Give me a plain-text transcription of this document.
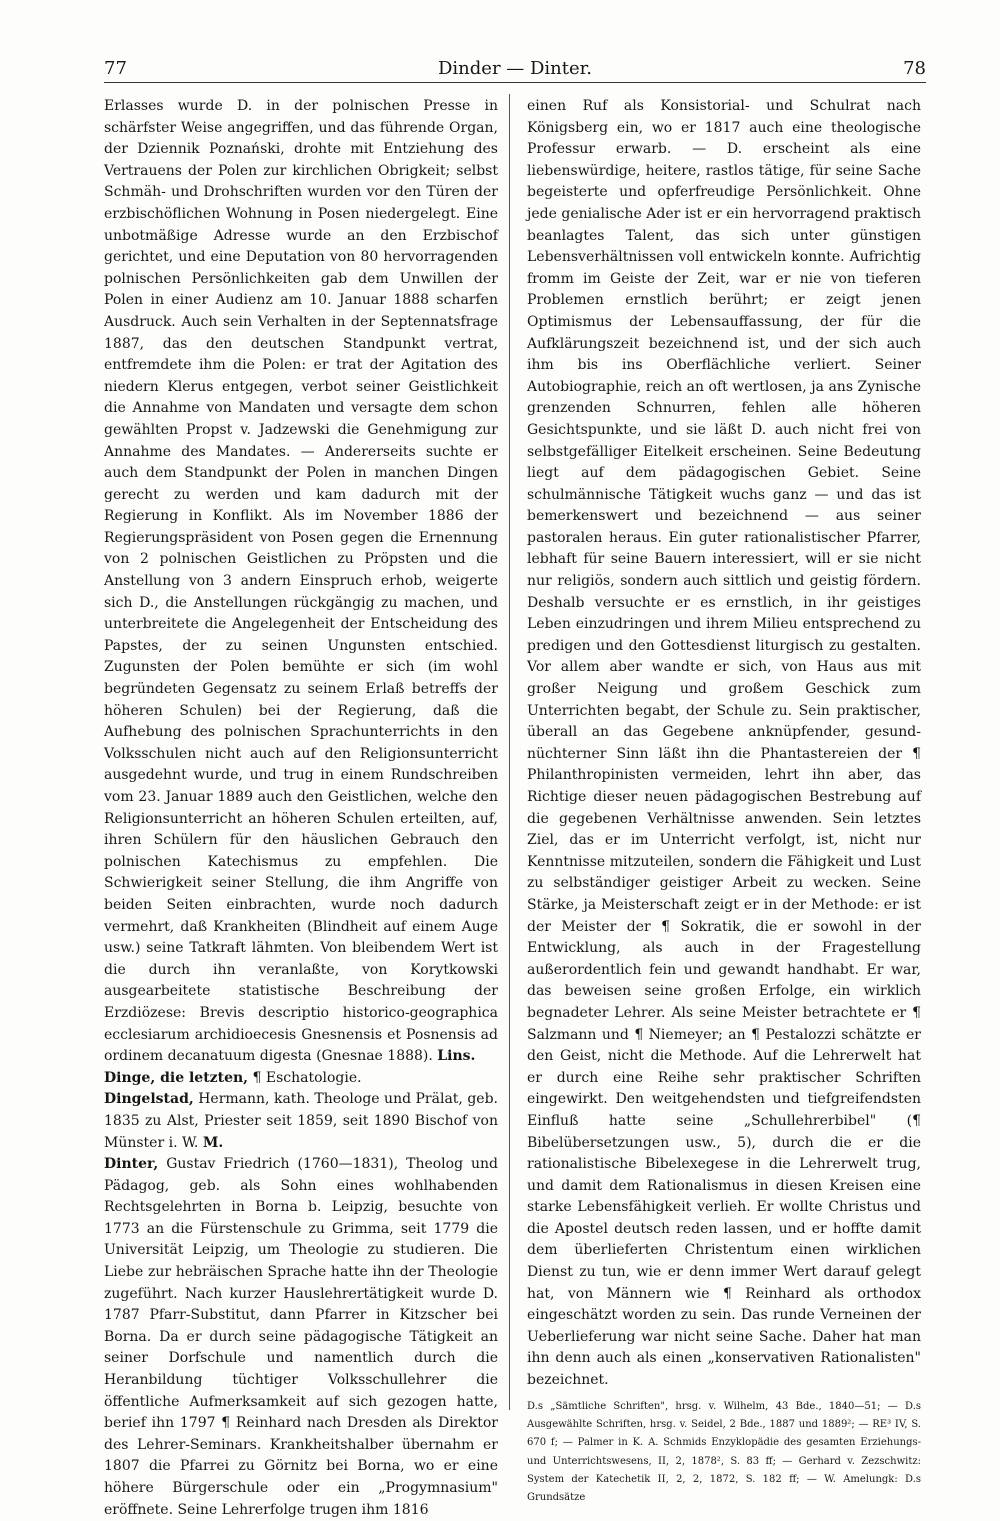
77	Dinder — Dinter.	78

Erlasses wurde D. in der polnischen Presse in schärfster Weise angegriffen, und das führende Organ, der Dziennik Poznański, drohte mit Entziehung des Vertrauens der Polen zur kirchlichen Obrigkeit; selbst Schmäh- und Drohschriften wurden vor den Türen der erzbischöflichen Wohnung in Posen niedergelegt. Eine unbotmäßige Adresse wurde an den Erzbischof gerichtet, und eine Deputation von 80 hervorragenden polnischen Persönlichkeiten gab dem Unwillen der Polen in einer Audienz am 10. Januar 1888 scharfen Ausdruck. Auch sein Verhalten in der Septennatsfrage 1887, das den deutschen Standpunkt vertrat, entfremdete ihm die Polen: er trat der Agitation des niedern Klerus entgegen, verbot seiner Geistlichkeit die Annahme von Mandaten und versagte dem schon gewählten Propst v. Jadzewski die Genehmigung zur Annahme des Mandates. — Andererseits suchte er auch dem Standpunkt der Polen in manchen Dingen gerecht zu werden und kam dadurch mit der Regierung in Konflikt. Als im November 1886 der Regierungspräsident von Posen gegen die Ernennung von 2 polnischen Geistlichen zu Pröpsten und die Anstellung von 3 andern Einspruch erhob, weigerte sich D., die Anstellungen rückgängig zu machen, und unterbreitete die Angelegenheit der Entscheidung des Papstes, der zu seinen Ungunsten entschied. Zugunsten der Polen bemühte er sich (im wohl begründeten Gegensatz zu seinem Erlaß betreffs der höheren Schulen) bei der Regierung, daß die Aufhebung des polnischen Sprachunterrichts in den Volksschulen nicht auch auf den Religionsunterricht ausgedehnt wurde, und trug in einem Rundschreiben vom 23. Januar 1889 auch den Geistlichen, welche den Religionsunterricht an höheren Schulen erteilten, auf, ihren Schülern für den häuslichen Gebrauch den polnischen Katechismus zu empfehlen. Die Schwierigkeit seiner Stellung, die ihm Angriffe von beiden Seiten einbrachten, wurde noch dadurch vermehrt, daß Krankheiten (Blindheit auf einem Auge usw.) seine Tatkraft lähmten. Von bleibendem Wert ist die durch ihn veranlaßte, von Korytkowski ausgearbeitete statistische Beschreibung der Erzdiözese: Brevis descriptio historico-geographica ecclesiarum archidioecesis Gnesnensis et Posnensis ad ordinem decanatuum digesta (Gnesnae 1888). Lins.

Dinge, die letzten, ¶ Eschatologie.

Dingelstad, Hermann, kath. Theologe und Prälat, geb. 1835 zu Alst, Priester seit 1859, seit 1890 Bischof von Münster i. W. M.

Dinter, Gustav Friedrich (1760—1831), Theolog und Pädagog, geb. als Sohn eines wohlhabenden Rechtsgelehrten in Borna b. Leipzig, besuchte von 1773 an die Fürstenschule zu Grimma, seit 1779 die Universität Leipzig, um Theologie zu studieren. Die Liebe zur hebräischen Sprache hatte ihn der Theologie zugeführt. Nach kurzer Hauslehrertätigkeit wurde D. 1787 Pfarr-Substitut, dann Pfarrer in Kitzscher bei Borna. Da er durch seine pädagogische Tätigkeit an seiner Dorfschule und namentlich durch die Heranbildung tüchtiger Volksschullehrer die öffentliche Aufmerksamkeit auf sich gezogen hatte, berief ihn 1797 ¶ Reinhard nach Dresden als Direktor des Lehrer-Seminars. Krankheitshalber übernahm er 1807 die Pfarrei zu Görnitz bei Borna, wo er eine höhere Bürgerschule oder ein „Progymnasium" eröffnete. Seine Lehrerfolge trugen ihm 1816

einen Ruf als Konsistorial- und Schulrat nach Königsberg ein, wo er 1817 auch eine theologische Professur erwarb. — D. erscheint als eine liebenswürdige, heitere, rastlos tätige, für seine Sache begeisterte und opferfreudige Persönlichkeit. Ohne jede genialische Ader ist er ein hervorragend praktisch beanlagtes Talent, das sich unter günstigen Lebensverhältnissen voll entwickeln konnte. Aufrichtig fromm im Geiste der Zeit, war er nie von tieferen Problemen ernstlich berührt; er zeigt jenen Optimismus der Lebensauffassung, der für die Aufklärungszeit bezeichnend ist, und der sich auch ihm bis ins Oberflächliche verliert. Seiner Autobiographie, reich an oft wertlosen, ja ans Zynische grenzenden Schnurren, fehlen alle höheren Gesichtspunkte, und sie läßt D. auch nicht frei von selbstgefälliger Eitelkeit erscheinen. Seine Bedeutung liegt auf dem pädagogischen Gebiet. Seine schulmännische Tätigkeit wuchs ganz — und das ist bemerkenswert und bezeichnend — aus seiner pastoralen heraus. Ein guter rationalistischer Pfarrer, lebhaft für seine Bauern interessiert, will er sie nicht nur religiös, sondern auch sittlich und geistig fördern. Deshalb versuchte er es ernstlich, in ihr geistiges Leben einzudringen und ihrem Milieu entsprechend zu predigen und den Gottesdienst liturgisch zu gestalten. Vor allem aber wandte er sich, von Haus aus mit großer Neigung und großem Geschick zum Unterrichten begabt, der Schule zu. Sein praktischer, überall an das Gegebene anknüpfender, gesund-nüchterner Sinn läßt ihn die Phantastereien der ¶ Philanthropinisten vermeiden, lehrt ihn aber, das Richtige dieser neuen pädagogischen Bestrebung auf die gegebenen Verhältnisse anwenden. Sein letztes Ziel, das er im Unterricht verfolgt, ist, nicht nur Kenntnisse mitzuteilen, sondern die Fähigkeit und Lust zu selbständiger geistiger Arbeit zu wecken. Seine Stärke, ja Meisterschaft zeigt er in der Methode: er ist der Meister der ¶ Sokratik, die er sowohl in der Entwicklung, als auch in der Fragestellung außerordentlich fein und gewandt handhabt. Er war, das beweisen seine großen Erfolge, ein wirklich begnadeter Lehrer. Als seine Meister betrachtete er ¶ Salzmann und ¶ Niemeyer; an ¶ Pestalozzi schätzte er den Geist, nicht die Methode. Auf die Lehrerwelt hat er durch eine Reihe sehr praktischer Schriften eingewirkt. Den weitgehendsten und tiefgreifendsten Einfluß hatte seine „Schullehrerbibel" (¶ Bibelübersetzungen usw., 5), durch die er die rationalistische Bibelexegese in die Lehrerwelt trug, und damit dem Rationalismus in diesen Kreisen eine starke Lebensfähigkeit verlieh. Er wollte Christus und die Apostel deutsch reden lassen, und er hoffte damit dem überlieferten Christentum einen wirklichen Dienst zu tun, wie er denn immer Wert darauf gelegt hat, von Männern wie ¶ Reinhard als orthodox eingeschätzt worden zu sein. Das runde Verneinen der Ueberlieferung war nicht seine Sache. Daher hat man ihn denn auch als einen „konservativen Rationalisten" bezeichnet.

D.s „Sämtliche Schriften", hrsg. v. Wilhelm, 43 Bde., 1840—51; — D.s Ausgewählte Schriften, hrsg. v. Seidel, 2 Bde., 1887 und 1889²; — RE³ IV, S. 670 f; — Palmer in K. A. Schmids Enzyklopädie des gesamten Erziehungs- und Unterrichtswesens, II, 2, 1878², S. 83 ff; — Gerhard v. Zezschwitz: System der Katechetik II, 2, 2, 1872, S. 182 ff; — W. Amelungk: D.s Grundsätze
